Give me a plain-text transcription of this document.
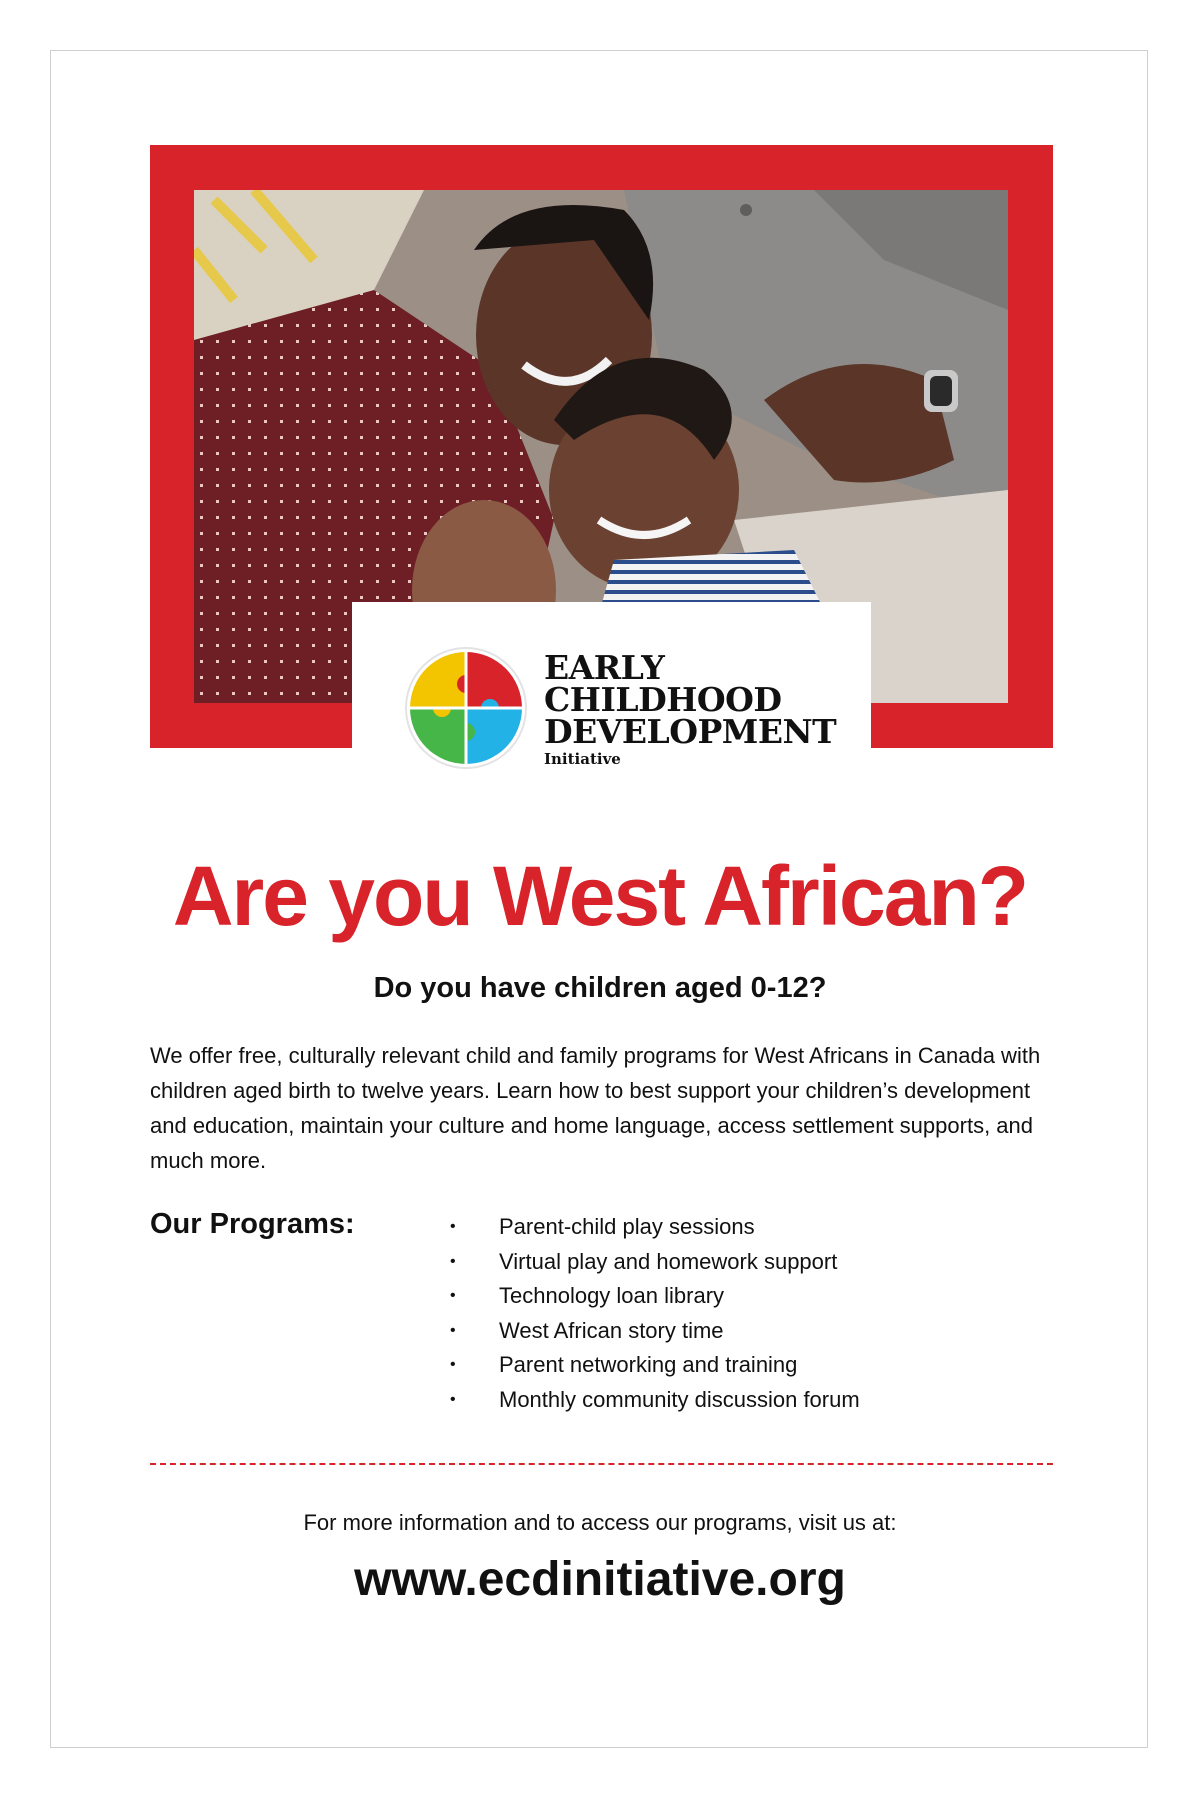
EARLY
CHILDHOOD
DEVELOPMENT
Initiative
Are you West African?
Do you have children aged 0-12?
We offer free, culturally relevant child and family programs for West Africans in Canada with children aged birth to twelve years. Learn how to best support your children’s development and education, maintain your culture and home language, access settlement supports, and much more.
Our Programs:	• Parent-child play sessions
• Virtual play and homework support
• Technology loan library
• West African story time
• Parent networking and training
• Monthly community discussion forum
For more information and to access our programs, visit us at:
www.ecdinitiative.org
